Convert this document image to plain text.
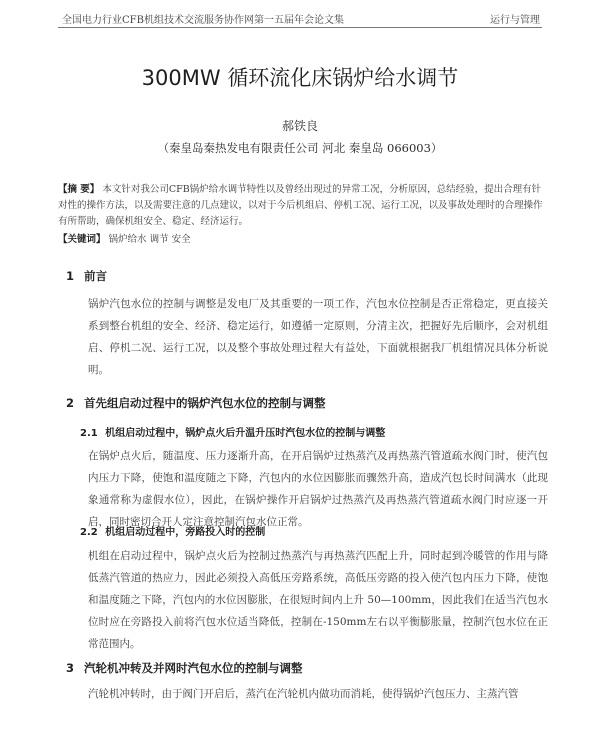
全国电力行业CFB机组技术交流服务协作网第一五届年会论文集	运行与管理
300MW 循环流化床锅炉给水调节
郝铁良
（秦皇岛秦热发电有限责任公司 河北 秦皇岛 066003）
【摘 要】 本文针对我公司CFB锅炉给水调节特性以及曾经出现过的异常工况，分析原因，总结经验，提出合理有针对性的操作方法，以及需要注意的几点建议，以对于今后机组启、停机工况、运行工况，以及事故处理时的合理操作有所帮助，确保机组安全、稳定、经济运行。
【关键词】 锅炉给水 调节 安全
1 前言
锅炉汽包水位的控制与调整是发电厂及其重要的一项工作，汽包水位控制是否正常稳定，更直接关系到整台机组的安全、经济、稳定运行，如遵循一定原则，分清主次，把握好先后顺序，会对机组启、停机二况、运行工况，以及整个事故处理过程大有益处，下面就根据我厂机组情况具体分析说明。
2 首先组启动过程中的锅炉汽包水位的控制与调整
2.1 机组启动过程中，锅炉点火后升温升压时汽包水位的控制与调整
在锅炉点火后，随温度、压力逐渐升高，在开启锅炉过热蒸汽及再热蒸汽管道疏水阀门时，使汽包内压力下降，使饱和温度随之下降，汽包内的水位因膨胀而骤然升高，造成汽包长时间满水（此现象通常称为虚假水位），因此，在锅炉操作开启锅炉过热蒸汽及再热蒸汽管道疏水阀门时应逐一开启，同时密切合开人定注意控制汽包水位正常。
2.2 机组启动过程中，旁路投入时的控制
机组在启动过程中，锅炉点火后为控制过热蒸汽与再热蒸汽匹配上升，同时起到冷暖管的作用与降低蒸汽管道的热应力，因此必须投入高低压旁路系统，高低压旁路的投入使汽包内压力下降，使饱和温度随之下降，汽包内的水位因膨胀，在很短时间内上升 50—100mm，因此我们在适当汽包水位时应在旁路投入前将汽包水位适当降低，控制在-150mm左右以平衡膨胀量，控制汽包水位在正常范围内。
3 汽轮机冲转及并网时汽包水位的控制与调整
汽轮机冲转时，由于阀门开启后，蒸汽在汽轮机内做功而消耗，使得锅炉汽包压力、主蒸汽管
